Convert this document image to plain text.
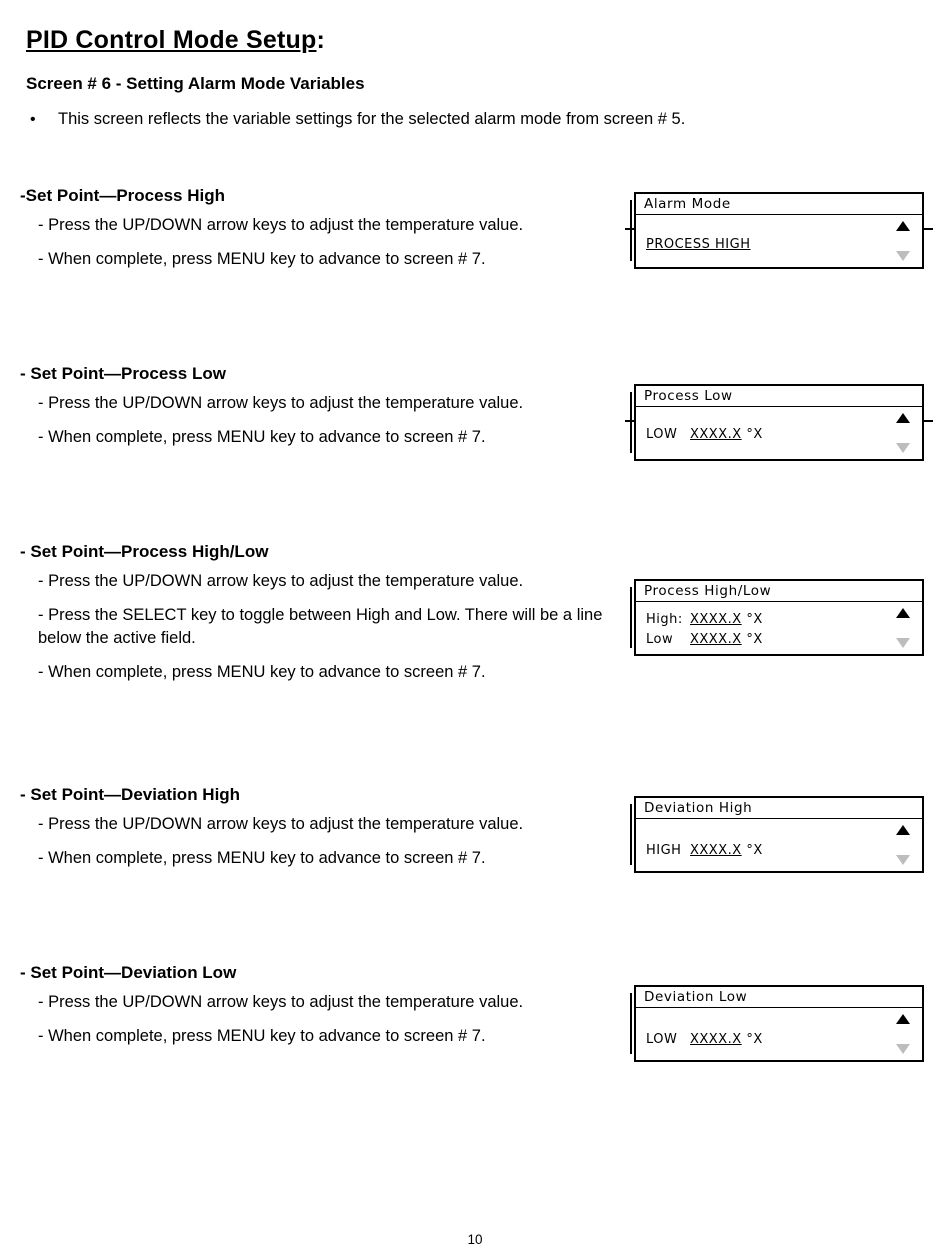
PID Control Mode Setup:
Screen # 6 - Setting Alarm Mode Variables
• This screen reflects the variable settings for the selected alarm mode from screen # 5.
-Set Point—Process High

- Press the UP/DOWN arrow keys to adjust the temperature value.

- When complete, press MENU key to advance to screen # 7.

Alarm Mode
PROCESS HIGH
- Set Point—Process Low

- Press the UP/DOWN arrow keys to adjust the temperature value.

- When complete, press MENU key to advance to screen # 7.

Process Low
LOW XXXX.X °X
- Set Point—Process High/Low

- Press the UP/DOWN arrow keys to adjust the temperature value.

- Press the SELECT key to toggle between High and Low. There will be a line below the active field.

- When complete, press MENU key to advance to screen # 7.

Process High/Low
High: XXXX.X °X
Low XXXX.X °X
- Set Point—Deviation High

- Press the UP/DOWN arrow keys to adjust the temperature value.

- When complete, press MENU key to advance to screen # 7.

Deviation High
HIGH XXXX.X °X
- Set Point—Deviation Low

- Press the UP/DOWN arrow keys to adjust the temperature value.

- When complete, press MENU key to advance to screen # 7.

Deviation Low
LOW XXXX.X °X
10
